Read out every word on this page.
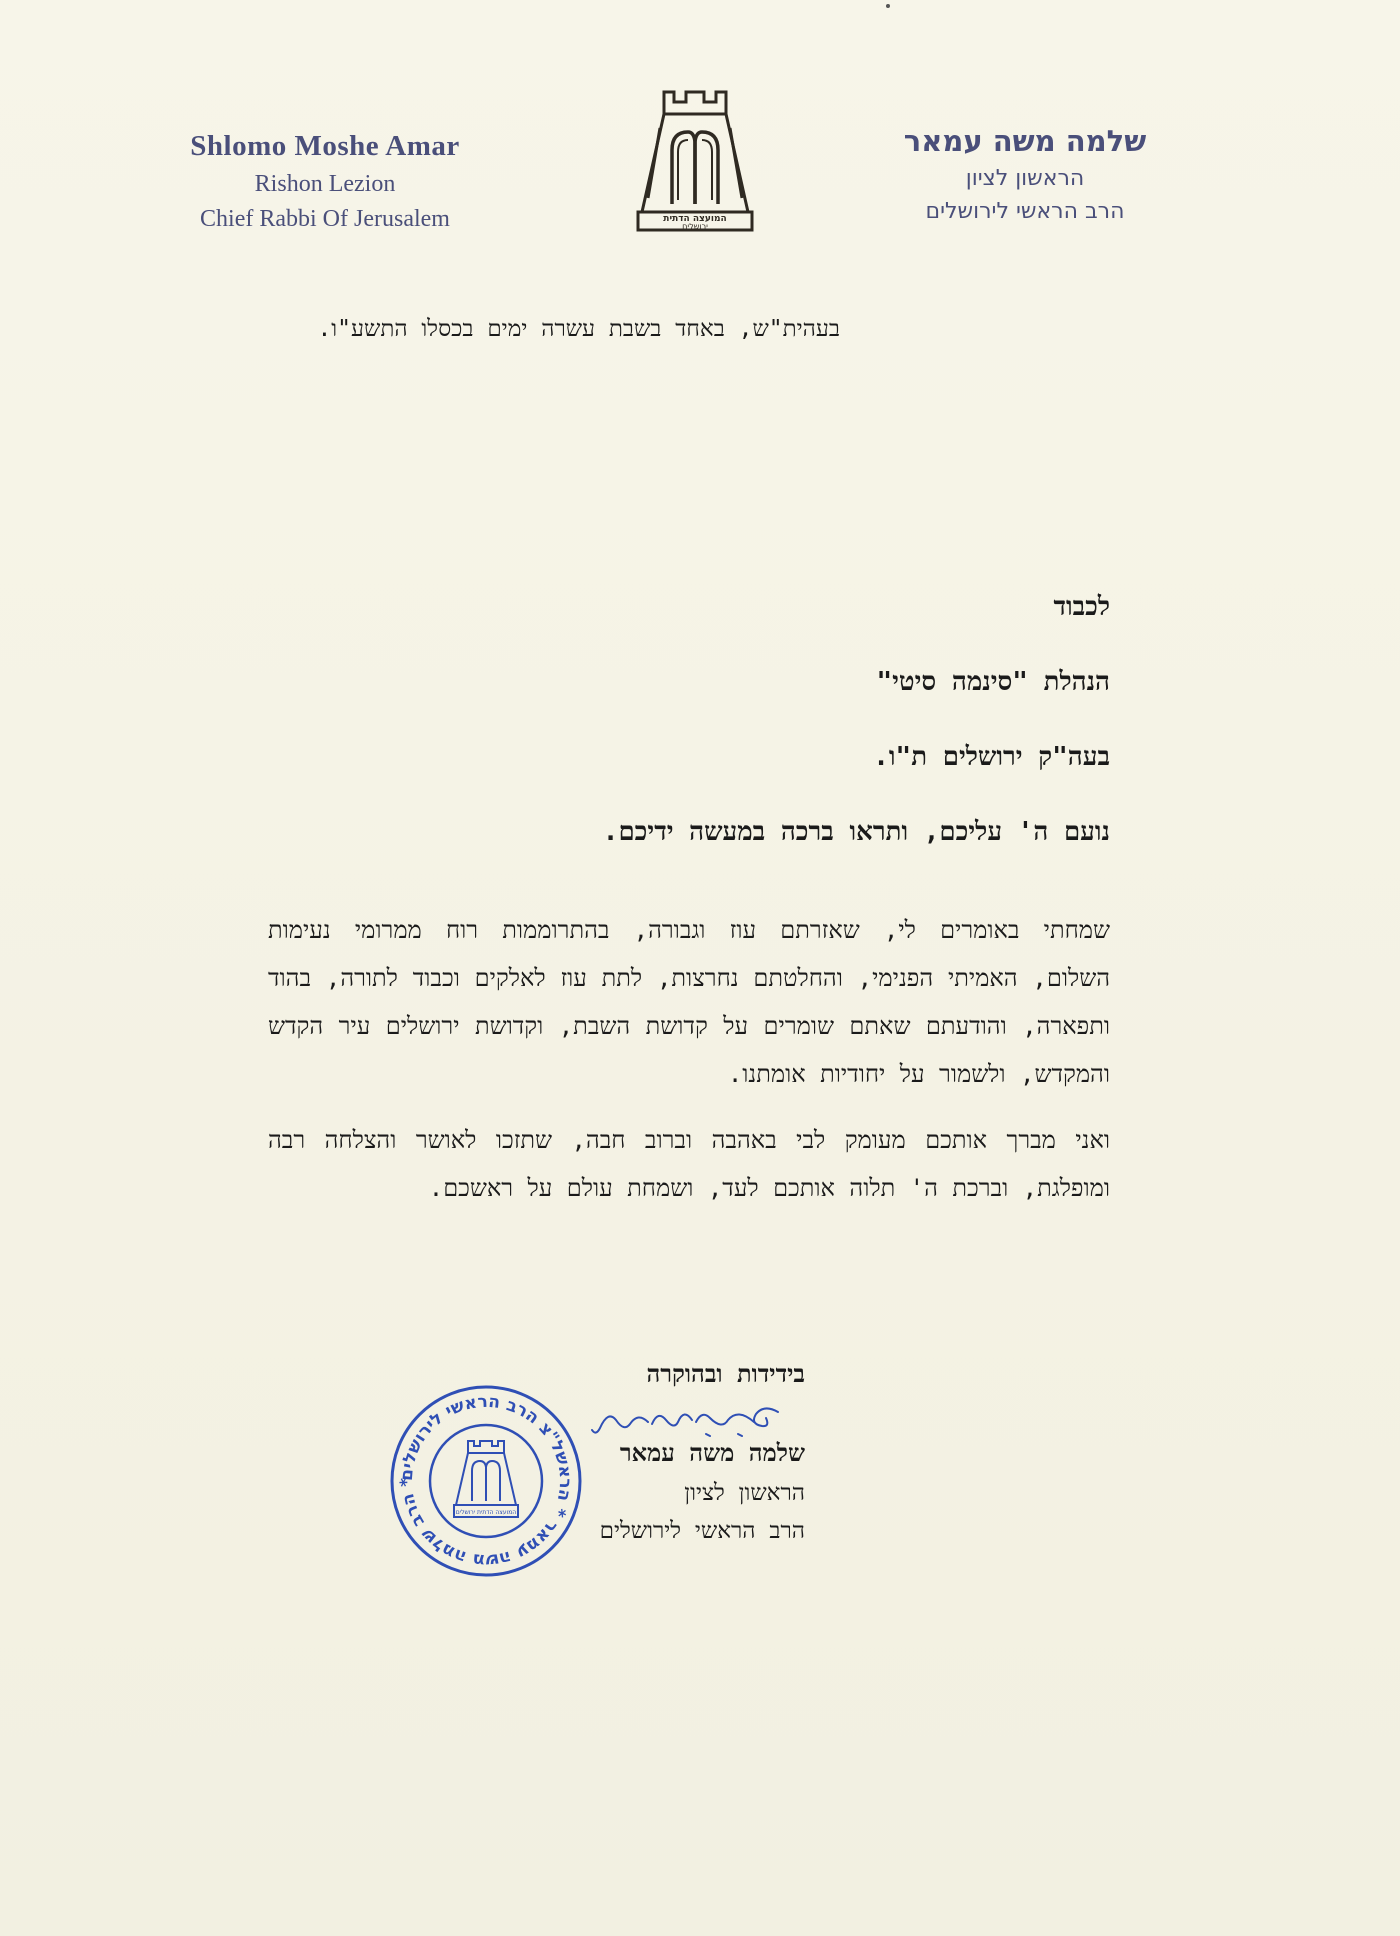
Shlomo Moshe Amar
Rishon Lezion
Chief Rabbi Of Jerusalem	המועצה הדתית
ירושלים
שלמה משה עמאר
הראשון לציון
הרב הראשי לירושלים
בעהית"ש, באחד בשבת עשרה ימים בכסלו התשע"ו.
לכבוד
הנהלת "סינמה סיטי"
בעה"ק ירושלים ת"ו.
נועם ה' עליכם, ותראו ברכה במעשה ידיכם.

שמחתי באומרים לי, שאזרתם עוז וגבורה, בהתרוממות רוח ממרומי נעימות השלום, האמיתי הפנימי, והחלטתם נחרצות, לתת עוז לאלקים וכבוד לתורה, בהוד ותפארה, והודעתם שאתם שומרים על קדושת השבת, וקדושת ירושלים עיר הקדש והמקדש, ולשמור על יחודיות אומתנו.

ואני מברך אותכם מעומק לבי באהבה וברוב חבה, שתזכו לאושר והצלחה רבה ומופלגת, וברכת ה' תלוה אותכם לעד, ושמחת עולם על ראשכם.

בידידות ובהוקרה
שלמה משה עמאר
הראשון לציון
הרב הראשי לירושלים
הרב שלמה משה עמאר * הראשל"צ הרב הראשי לירושלים *
המועצה הדתית ירושלים
